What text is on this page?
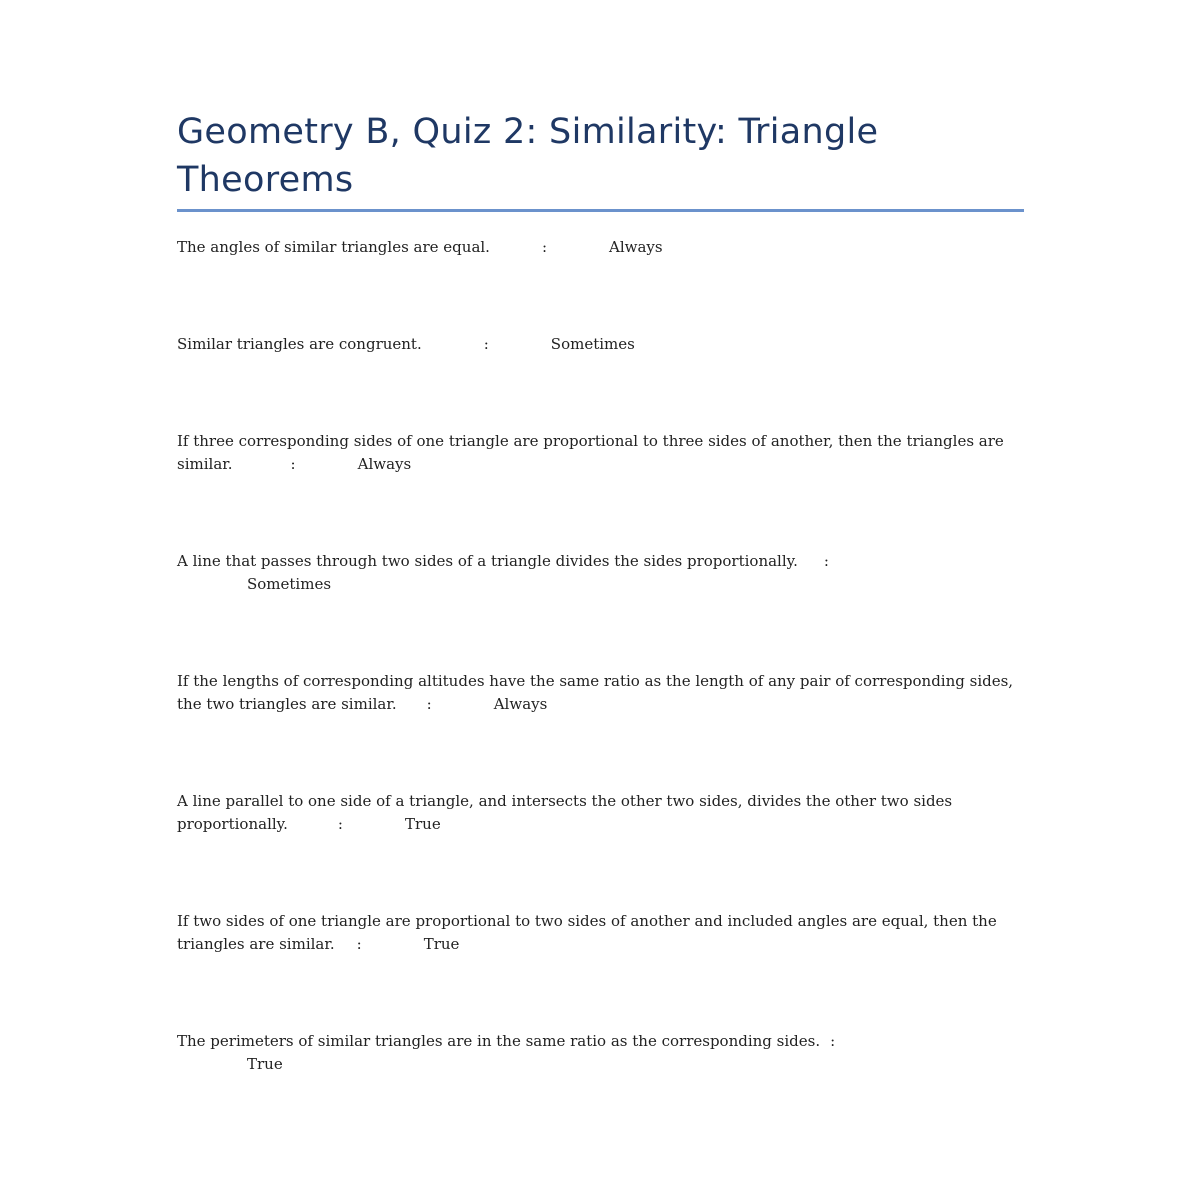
Geometry B, Quiz 2: Similarity: Triangle Theorems
The angles of similar triangles are equal.	:	Always
Similar triangles are congruent.	:	Sometimes
If three corresponding sides of one triangle are proportional to three sides of another, then the triangles are similar.	:	Always
A line that passes through two sides of a triangle divides the sides proportionally. :
Sometimes
If the lengths of corresponding altitudes have the same ratio as the length of any pair of corresponding sides, the two triangles are similar. :	Always
A line parallel to one side of a triangle, and intersects the other two sides, divides the other two sides proportionally.	:	True
If two sides of one triangle are proportional to two sides of another and included angles are equal, then the triangles are similar. :	True
The perimeters of similar triangles are in the same ratio as the corresponding sides. :
True
